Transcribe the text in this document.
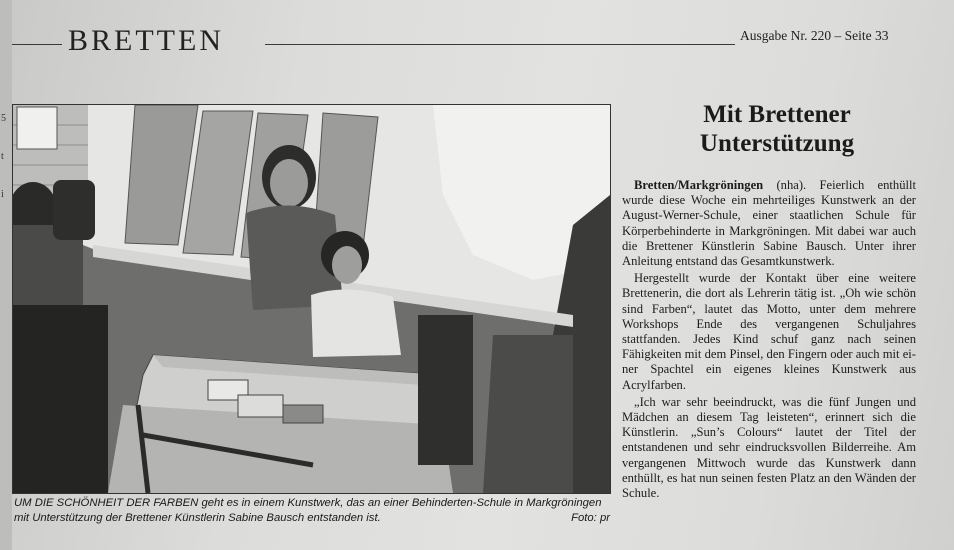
5
t
i
BRETTEN	Ausgabe Nr. 220 – Seite 33
UM DIE SCHÖNHEIT DER FARBEN geht es in einem Kunstwerk, das an einer Behinderten-Schule in Markgröningen mit Unterstützung der Brettener Künstlerin Sabine Bausch entstanden ist.	Foto: pr
Mit Brettener
Unterstützung

Bretten/Markgröningen (nha). Feierlich enthüllt wurde diese Woche ein mehrteiliges Kunstwerk an der August-Werner-Schule, einer staatlichen Schule für Körperbehinderte in Markgröningen. Mit dabei war auch die Brettener Künstlerin Sabine Bausch. Unter ihrer Anleitung entstand das Gesamtkunstwerk.

Hergestellt wurde der Kontakt über eine weitere Brettenerin, die dort als Lehrerin tätig ist. „Oh wie schön sind Farben“, lautet das Motto, unter dem mehrere Workshops Ende des vergangenen Schuljahres stattfanden. Jedes Kind schuf ganz nach seinen Fähigkeiten mit dem Pinsel, den Fingern oder auch mit einer Spachtel ein eigenes kleines Kunstwerk aus Acrylfarben.

„Ich war sehr beeindruckt, was die fünf Jungen und Mädchen an diesem Tag leisteten“, erinnert sich die Künstlerin. „Sun’s Colours“ lautet der Titel der entstandenen und sehr eindrucksvollen Bilderreihe. Am vergangenen Mittwoch wurde das Kunstwerk dann enthüllt, es hat nun seinen festen Platz an den Wänden der Schule.
